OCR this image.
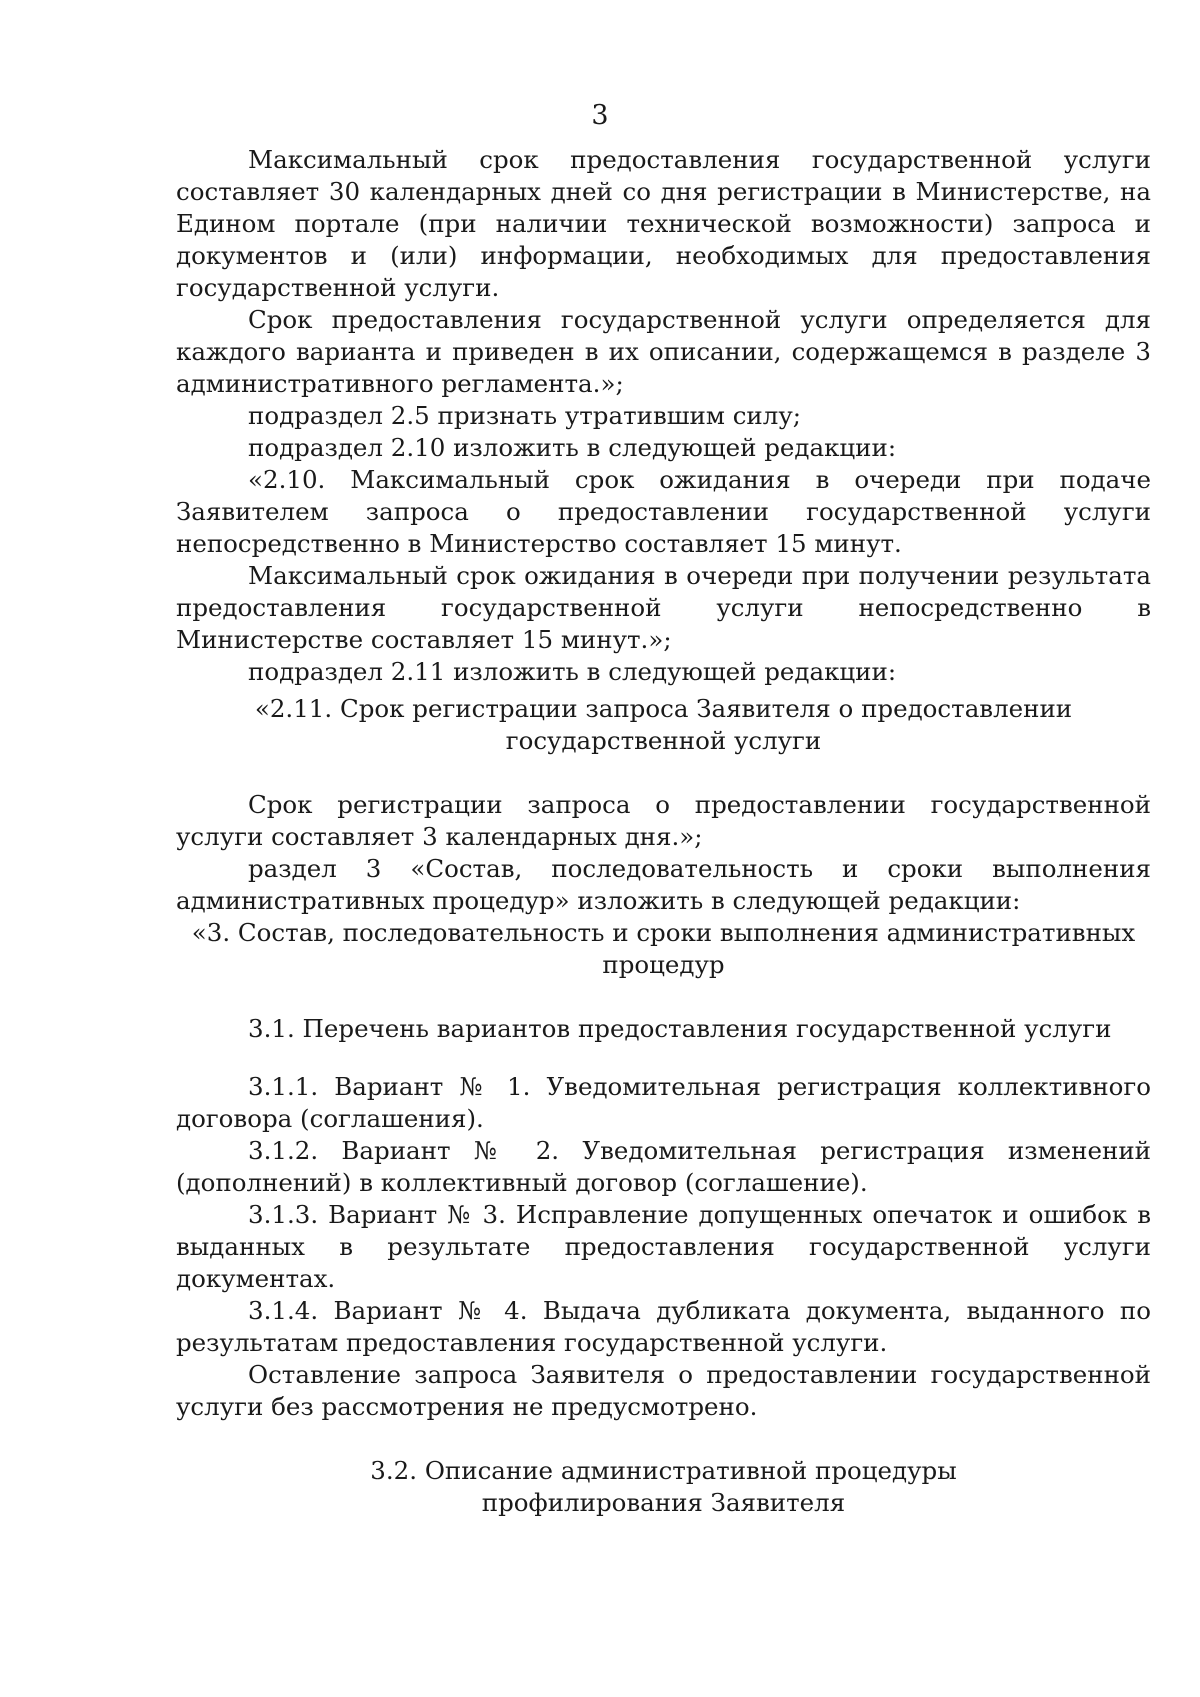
3

Максимальный срок предоставления государственной услуги составляет 30 календарных дней со дня регистрации в Министерстве, на Едином портале (при наличии технической возможности) запроса и документов и (или) информации, необходимых для предоставления государственной услуги.

Срок предоставления государственной услуги определяется для каждого варианта и приведен в их описании, содержащемся в разделе 3 административного регламента.»;

подраздел 2.5 признать утратившим силу;

подраздел 2.10 изложить в следующей редакции:

«2.10. Максимальный срок ожидания в очереди при подаче Заявителем запроса о предоставлении государственной услуги непосредственно в Министерство составляет 15 минут.

Максимальный срок ожидания в очереди при получении результата предоставления государственной услуги непосредственно в Министерстве составляет 15 минут.»;

подраздел 2.11 изложить в следующей редакции:

«2.11. Срок регистрации запроса Заявителя о предоставлении

государственной услуги

Срок регистрации запроса о предоставлении государственной услуги составляет 3 календарных дня.»;

раздел 3 «Состав, последовательность и сроки выполнения административных процедур» изложить в следующей редакции:

«3. Состав, последовательность и сроки выполнения административных

процедур

3.1. Перечень вариантов предоставления государственной услуги

3.1.1. Вариант № 1. Уведомительная регистрация коллективного договора (соглашения).

3.1.2. Вариант № 2. Уведомительная регистрация изменений (дополнений) в коллективный договор (соглашение).

3.1.3. Вариант № 3. Исправление допущенных опечаток и ошибок в выданных в результате предоставления государственной услуги документах.

3.1.4. Вариант № 4. Выдача дубликата документа, выданного по результатам предоставления государственной услуги.

Оставление запроса Заявителя о предоставлении государственной услуги без рассмотрения не предусмотрено.

3.2. Описание административной процедуры

профилирования Заявителя
